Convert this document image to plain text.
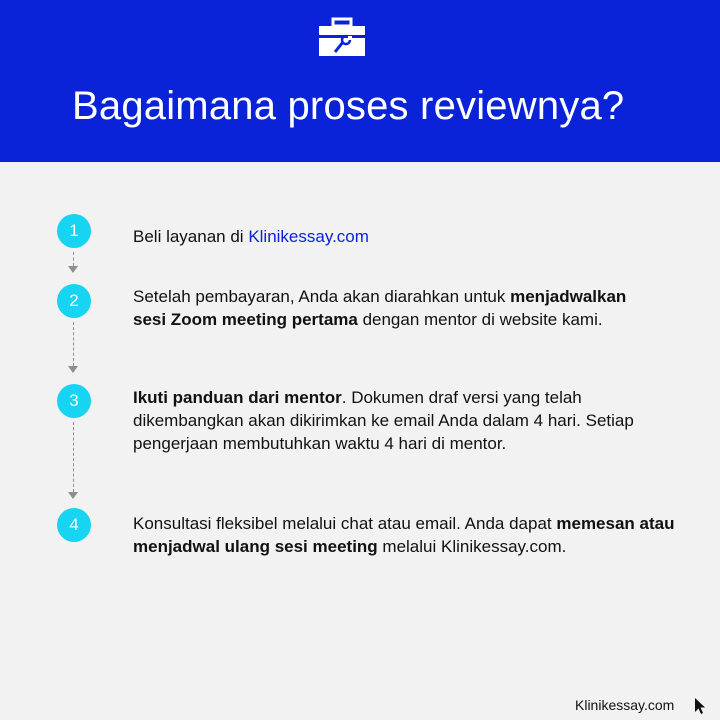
Bagaimana proses reviewnya?
1	Beli layanan di Klinikessay.com
2	Setelah pembayaran, Anda akan diarahkan untuk menjadwalkan sesi Zoom meeting pertama dengan mentor di website kami.
3	Ikuti panduan dari mentor. Dokumen draf versi yang telah dikembangkan akan dikirimkan ke email Anda dalam 4 hari. Setiap pengerjaan membutuhkan waktu 4 hari di mentor.
4	Konsultasi fleksibel melalui chat atau email. Anda dapat memesan atau menjadwal ulang sesi meeting melalui Klinikessay.com.
Klinikessay.com
